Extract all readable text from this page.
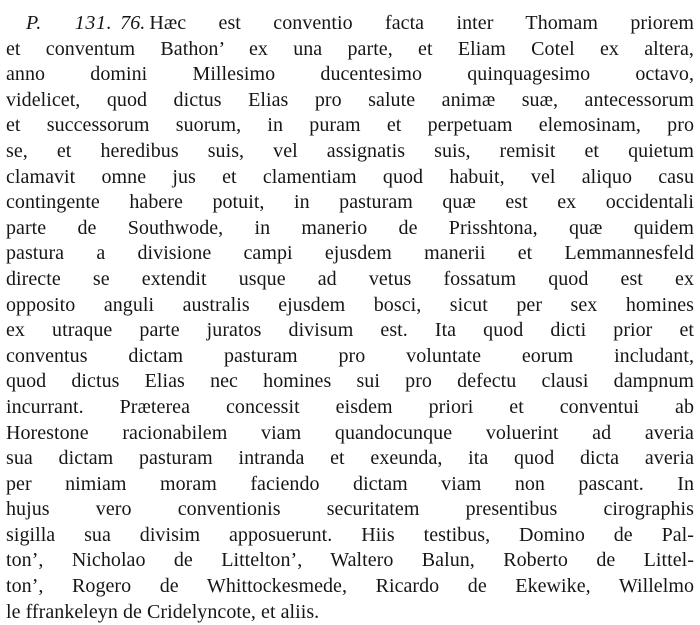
P. 131. 76. Hæc est conventio facta inter Thomam priorem
et conventum Bathon’ ex una parte, et Eliam Cotel ex altera,
anno domini Millesimo ducentesimo quinquagesimo octavo,
videlicet, quod dictus Elias pro salute animæ suæ, antecessorum
et successorum suorum, in puram et perpetuam elemosinam, pro
se, et heredibus suis, vel assignatis suis, remisit et quietum
clamavit omne jus et clamentiam quod habuit, vel aliquo casu
contingente habere potuit, in pasturam quæ est ex occidentali
parte de Southwode, in manerio de Prisshtona, quæ quidem
pastura a divisione campi ejusdem manerii et Lemmannesfeld
directe se extendit usque ad vetus fossatum quod est ex
opposito anguli australis ejusdem bosci, sicut per sex homines
ex utraque parte juratos divisum est. Ita quod dicti prior et
conventus dictam pasturam pro voluntate eorum includant,
quod dictus Elias nec homines sui pro defectu clausi dampnum
incurrant. Præterea concessit eisdem priori et conventui ab
Horestone racionabilem viam quandocunque voluerint ad averia
sua dictam pasturam intranda et exeunda, ita quod dicta averia
per nimiam moram faciendo dictam viam non pascant. In
hujus vero conventionis securitatem presentibus cirographis
sigilla sua divisim apposuerunt. Hiis testibus, Domino de Pal-
ton’, Nicholao de Littelton’, Waltero Balun, Roberto de Littel-
ton’, Rogero de Whittockesmede, Ricardo de Ekewike, Willelmo
le ffrankeleyn de Cridelyncote, et aliis.
